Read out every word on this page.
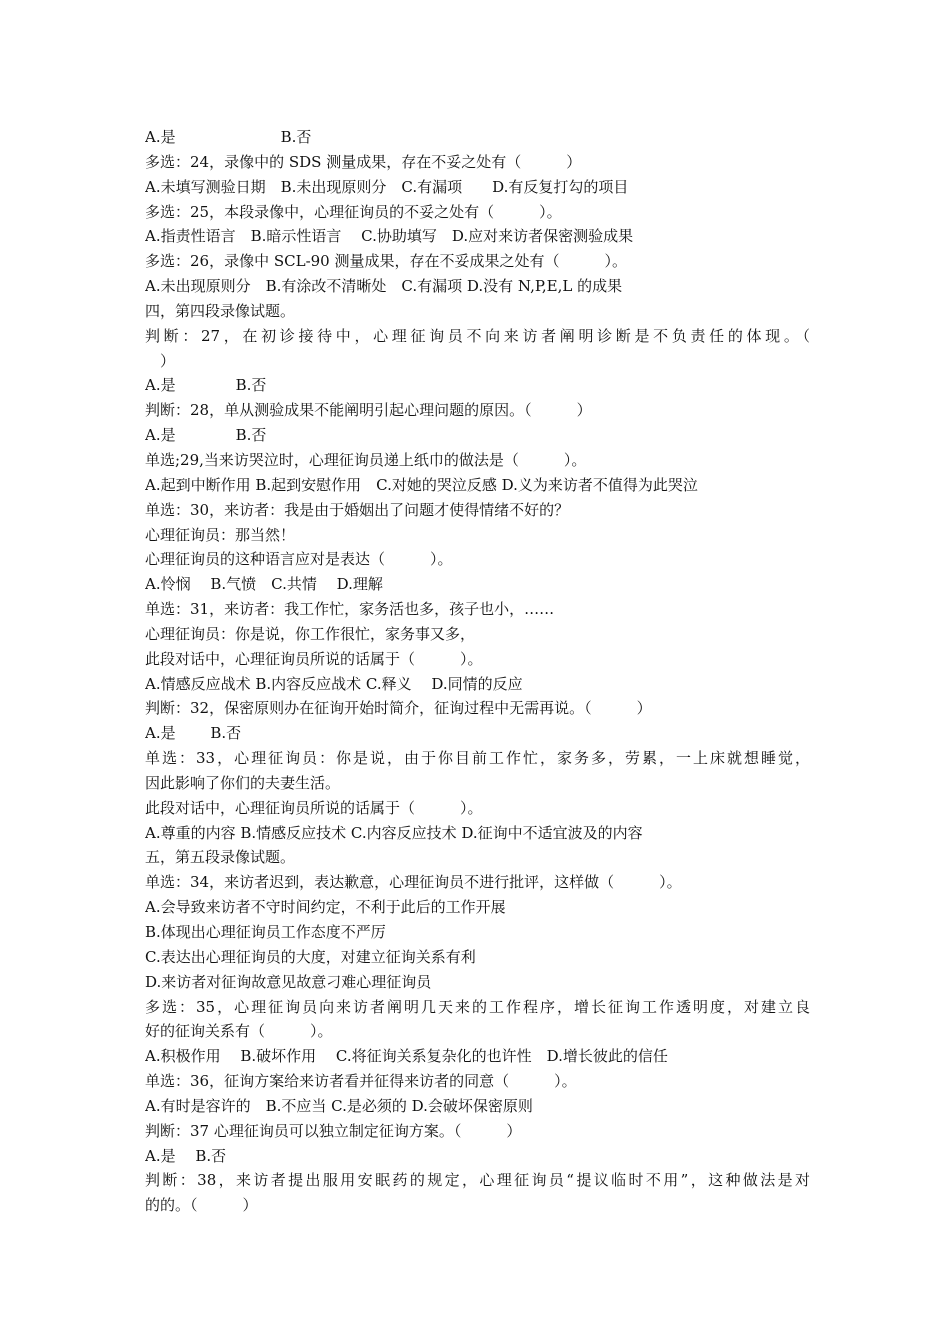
A.是　　　　　　　B.否
多选：24，录像中的 SDS 测量成果，存在不妥之处有（　　　）
A.未填写测验日期　B.未出现原则分　C.有漏项　　D.有反复打勾的项目
多选：25，本段录像中，心理征询员的不妥之处有（　　　）。
A.指责性语言　B.暗示性语言　 C.协助填写　D.应对来访者保密测验成果
多选：26，录像中 SCL-90 测量成果，存在不妥成果之处有（　　　）。
A.未出现原则分　B.有涂改不清晰处　C.有漏项 D.没有 N,P,E,L 的成果
四，第四段录像试题。
判断：27，在初诊接待中，心理征询员不向来访者阐明诊断是不负责任的体现。（
　）
A.是　　　　B.否
判断：28，单从测验成果不能阐明引起心理问题的原因。（　　　）
A.是　　　　B.否
单选;29,当来访哭泣时，心理征询员递上纸巾的做法是（　　　）。
A.起到中断作用 B.起到安慰作用　C.对她的哭泣反感 D.义为来访者不值得为此哭泣
单选：30，来访者：我是由于婚姻出了问题才使得情绪不好的？
心理征询员：那当然！
心理征询员的这种语言应对是表达（　　　）。
A.怜悯　 B.气愤　C.共情　 D.理解
单选：31，来访者：我工作忙，家务活也多，孩子也小，……
心理征询员：你是说，你工作很忙，家务事又多，
此段对话中，心理征询员所说的话属于（　　　）。
A.情感反应战术 B.内容反应战术 C.释义　 D.同情的反应
判断：32，保密原则办在征询开始时简介，征询过程中无需再说。（　　　）
A.是　　 B.否
单选：33，心理征询员：你是说，由于你目前工作忙，家务多，劳累，一上床就想睡觉，
因此影响了你们的夫妻生活。
此段对话中，心理征询员所说的话属于（　　　）。
A.尊重的内容 B.情感反应技术 C.内容反应技术 D.征询中不适宜波及的内容
五，第五段录像试题。
单选：34，来访者迟到，表达歉意，心理征询员不进行批评，这样做（　　　）。
A.会导致来访者不守时间约定，不利于此后的工作开展
B.体现出心理征询员工作态度不严厉
C.表达出心理征询员的大度，对建立征询关系有利
D.来访者对征询故意见故意刁难心理征询员
多选：35，心理征询员向来访者阐明几天来的工作程序，增长征询工作透明度，对建立良
好的征询关系有（　　　）。
A.积极作用　 B.破坏作用　 C.将征询关系复杂化的也许性　D.增长彼此的信任
单选：36，征询方案给来访者看并征得来访者的同意（　　　）。
A.有时是容许的　B.不应当 C.是必须的 D.会破坏保密原则
判断：37 心理征询员可以独立制定征询方案。（　　　）
A.是　 B.否
判断：38，来访者提出服用安眠药的规定，心理征询员“提议临时不用”，这种做法是对
的的。（　　　）
